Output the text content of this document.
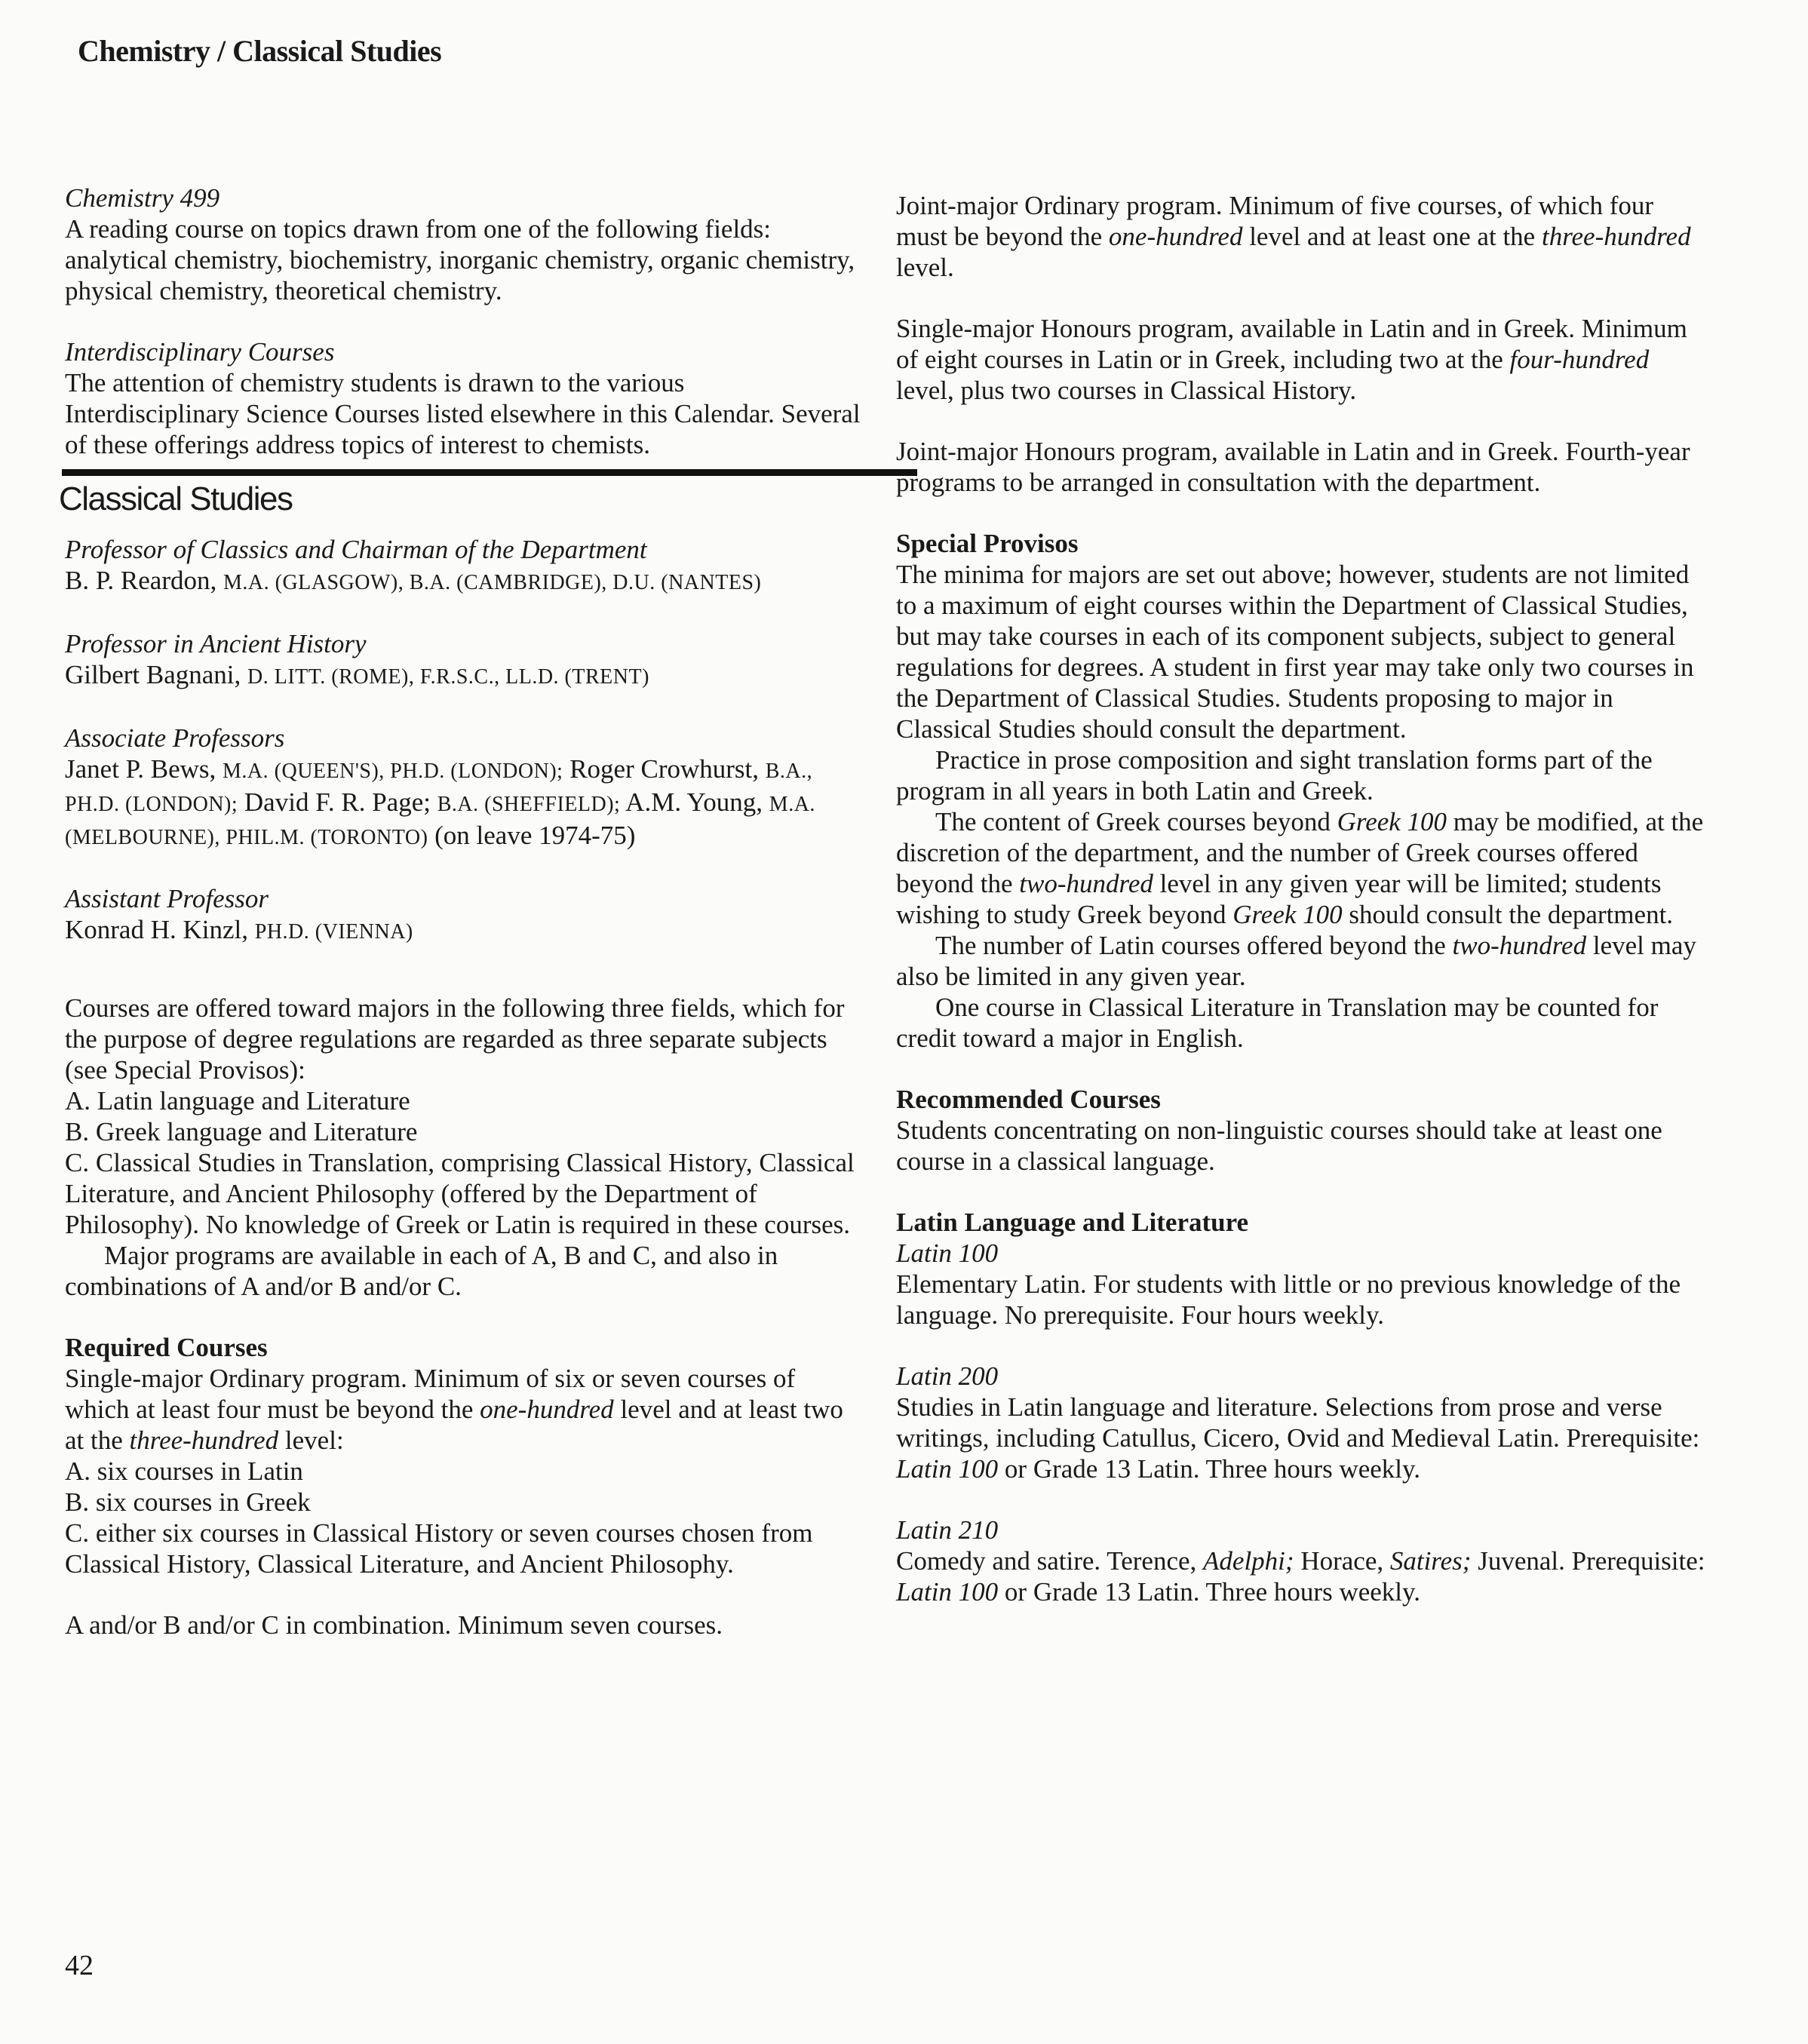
Chemistry / Classical Studies

Chemistry 499

A reading course on topics drawn from one of the following fields: analytical chemistry, biochemistry, inorganic chemistry, organic chemistry, physical chemistry, theoretical chemistry.

Interdisciplinary Courses

The attention of chemistry students is drawn to the various Interdisciplinary Science Courses listed elsewhere in this Calendar. Several of these offerings address topics of interest to chemists.

Classical Studies

Professor of Classics and Chairman of the Department

B. P. Reardon, M.A. (GLASGOW), B.A. (CAMBRIDGE), D.U. (NANTES)

Professor in Ancient History

Gilbert Bagnani, D. LITT. (ROME), F.R.S.C., LL.D. (TRENT)

Associate Professors

Janet P. Bews, M.A. (QUEEN'S), PH.D. (LONDON); Roger Crowhurst, B.A., PH.D. (LONDON); David F. R. Page; B.A. (SHEFFIELD); A.M. Young, M.A. (MELBOURNE), PHIL.M. (TORONTO) (on leave 1974-75)

Assistant Professor

Konrad H. Kinzl, PH.D. (VIENNA)

Courses are offered toward majors in the following three fields, which for the purpose of degree regulations are regarded as three separate subjects (see Special Provisos):

A. Latin language and Literature

B. Greek language and Literature

C. Classical Studies in Translation, comprising Classical History, Classical Literature, and Ancient Philosophy (offered by the Department of Philosophy). No knowledge of Greek or Latin is required in these courses.

Major programs are available in each of A, B and C, and also in combinations of A and/or B and/or C.

Required Courses

Single-major Ordinary program. Minimum of six or seven courses of which at least four must be beyond the one-hundred level and at least two at the three-hundred level:

A. six courses in Latin

B. six courses in Greek

C. either six courses in Classical History or seven courses chosen from Classical History, Classical Literature, and Ancient Philosophy.

A and/or B and/or C in combination. Minimum seven courses.

Joint-major Ordinary program. Minimum of five courses, of which four must be beyond the one-hundred level and at least one at the three-hundred level.

Single-major Honours program, available in Latin and in Greek. Minimum of eight courses in Latin or in Greek, including two at the four-hundred level, plus two courses in Classical History.

Joint-major Honours program, available in Latin and in Greek. Fourth-year programs to be arranged in consultation with the department.

Special Provisos

The minima for majors are set out above; however, students are not limited to a maximum of eight courses within the Department of Classical Studies, but may take courses in each of its component subjects, subject to general regulations for degrees. A student in first year may take only two courses in the Department of Classical Studies. Students proposing to major in Classical Studies should consult the department.

Practice in prose composition and sight translation forms part of the program in all years in both Latin and Greek.

The content of Greek courses beyond Greek 100 may be modified, at the discretion of the department, and the number of Greek courses offered beyond the two-hundred level in any given year will be limited; students wishing to study Greek beyond Greek 100 should consult the department.

The number of Latin courses offered beyond the two-hundred level may also be limited in any given year.

One course in Classical Literature in Translation may be counted for credit toward a major in English.

Recommended Courses

Students concentrating on non-linguistic courses should take at least one course in a classical language.

Latin Language and Literature

Latin 100

Elementary Latin. For students with little or no previous knowledge of the language. No prerequisite. Four hours weekly.

Latin 200

Studies in Latin language and literature. Selections from prose and verse writings, including Catullus, Cicero, Ovid and Medieval Latin. Prerequisite: Latin 100 or Grade 13 Latin. Three hours weekly.

Latin 210

Comedy and satire. Terence, Adelphi; Horace, Satires; Juvenal. Prerequisite: Latin 100 or Grade 13 Latin. Three hours weekly.

42
